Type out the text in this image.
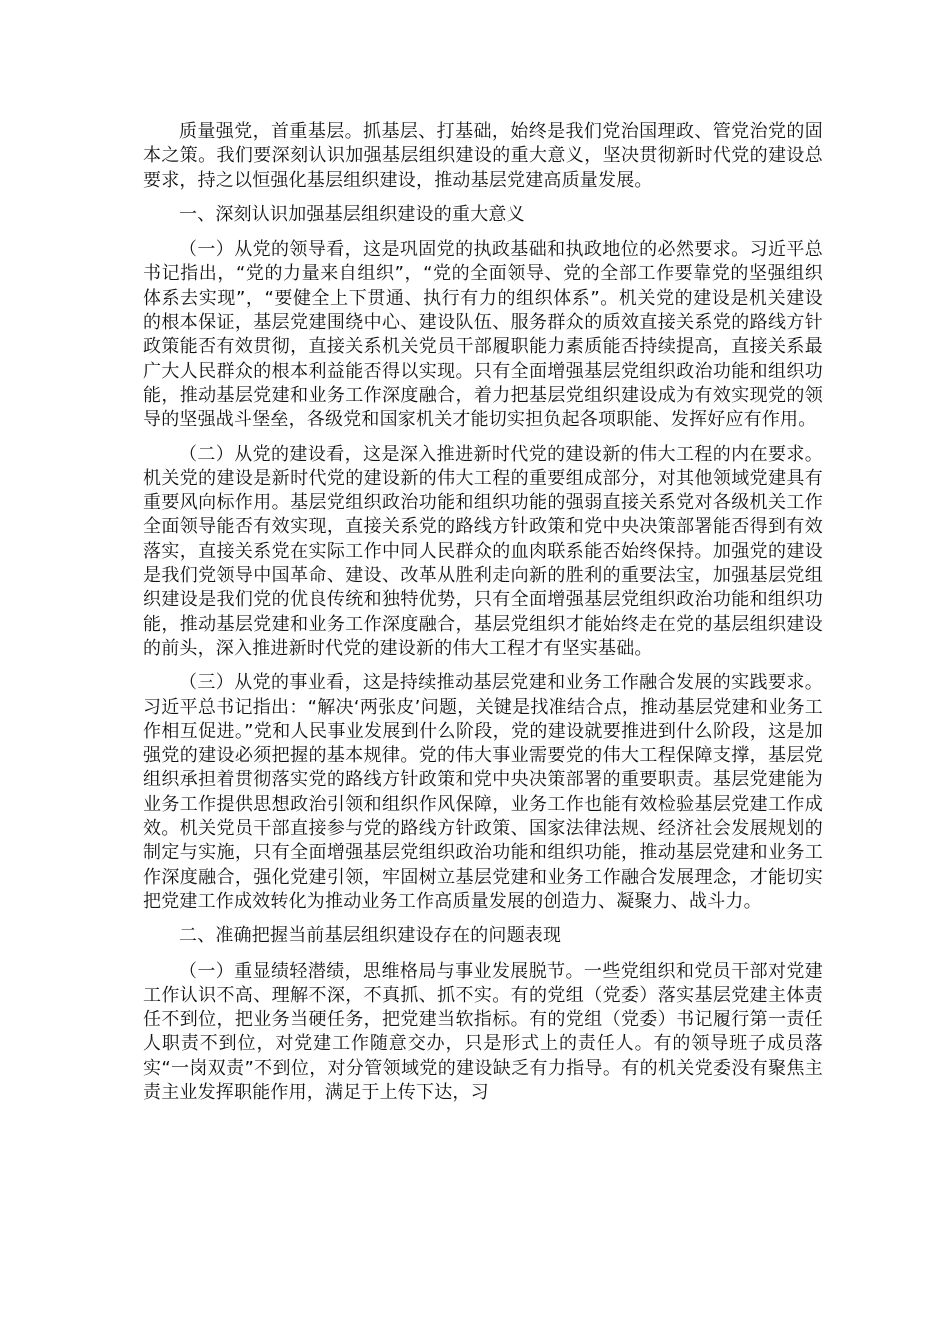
质量强党，首重基层。抓基层、打基础，始终是我们党治国理政、管党治党的固本之策。我们要深刻认识加强基层组织建设的重大意义，坚决贯彻新时代党的建设总要求，持之以恒强化基层组织建设，推动基层党建高质量发展。

一、深刻认识加强基层组织建设的重大意义

（一）从党的领导看，这是巩固党的执政基础和执政地位的必然要求。习近平总书记指出，“党的力量来自组织”，“党的全面领导、党的全部工作要靠党的坚强组织体系去实现”，“要健全上下贯通、执行有力的组织体系”。机关党的建设是机关建设的根本保证，基层党建围绕中心、建设队伍、服务群众的质效直接关系党的路线方针政策能否有效贯彻，直接关系机关党员干部履职能力素质能否持续提高，直接关系最广大人民群众的根本利益能否得以实现。只有全面增强基层党组织政治功能和组织功能，推动基层党建和业务工作深度融合，着力把基层党组织建设成为有效实现党的领导的坚强战斗堡垒，各级党和国家机关才能切实担负起各项职能、发挥好应有作用。

（二）从党的建设看，这是深入推进新时代党的建设新的伟大工程的内在要求。机关党的建设是新时代党的建设新的伟大工程的重要组成部分，对其他领域党建具有重要风向标作用。基层党组织政治功能和组织功能的强弱直接关系党对各级机关工作全面领导能否有效实现，直接关系党的路线方针政策和党中央决策部署能否得到有效落实，直接关系党在实际工作中同人民群众的血肉联系能否始终保持。加强党的建设是我们党领导中国革命、建设、改革从胜利走向新的胜利的重要法宝，加强基层党组织建设是我们党的优良传统和独特优势，只有全面增强基层党组织政治功能和组织功能，推动基层党建和业务工作深度融合，基层党组织才能始终走在党的基层组织建设的前头，深入推进新时代党的建设新的伟大工程才有坚实基础。

（三）从党的事业看，这是持续推动基层党建和业务工作融合发展的实践要求。习近平总书记指出：“解决‘两张皮’问题，关键是找准结合点，推动基层党建和业务工作相互促进。”党和人民事业发展到什么阶段，党的建设就要推进到什么阶段，这是加强党的建设必须把握的基本规律。党的伟大事业需要党的伟大工程保障支撑，基层党组织承担着贯彻落实党的路线方针政策和党中央决策部署的重要职责。基层党建能为业务工作提供思想政治引领和组织作风保障，业务工作也能有效检验基层党建工作成效。机关党员干部直接参与党的路线方针政策、国家法律法规、经济社会发展规划的制定与实施，只有全面增强基层党组织政治功能和组织功能，推动基层党建和业务工作深度融合，强化党建引领，牢固树立基层党建和业务工作融合发展理念，才能切实把党建工作成效转化为推动业务工作高质量发展的创造力、凝聚力、战斗力。

二、准确把握当前基层组织建设存在的问题表现

（一）重显绩轻潜绩，思维格局与事业发展脱节。一些党组织和党员干部对党建工作认识不高、理解不深，不真抓、抓不实。有的党组（党委）落实基层党建主体责任不到位，把业务当硬任务，把党建当软指标。有的党组（党委）书记履行第一责任人职责不到位，对党建工作随意交办，只是形式上的责任人。有的领导班子成员落实“一岗双责”不到位，对分管领域党的建设缺乏有力指导。有的机关党委没有聚焦主责主业发挥职能作用，满足于上传下达，习
